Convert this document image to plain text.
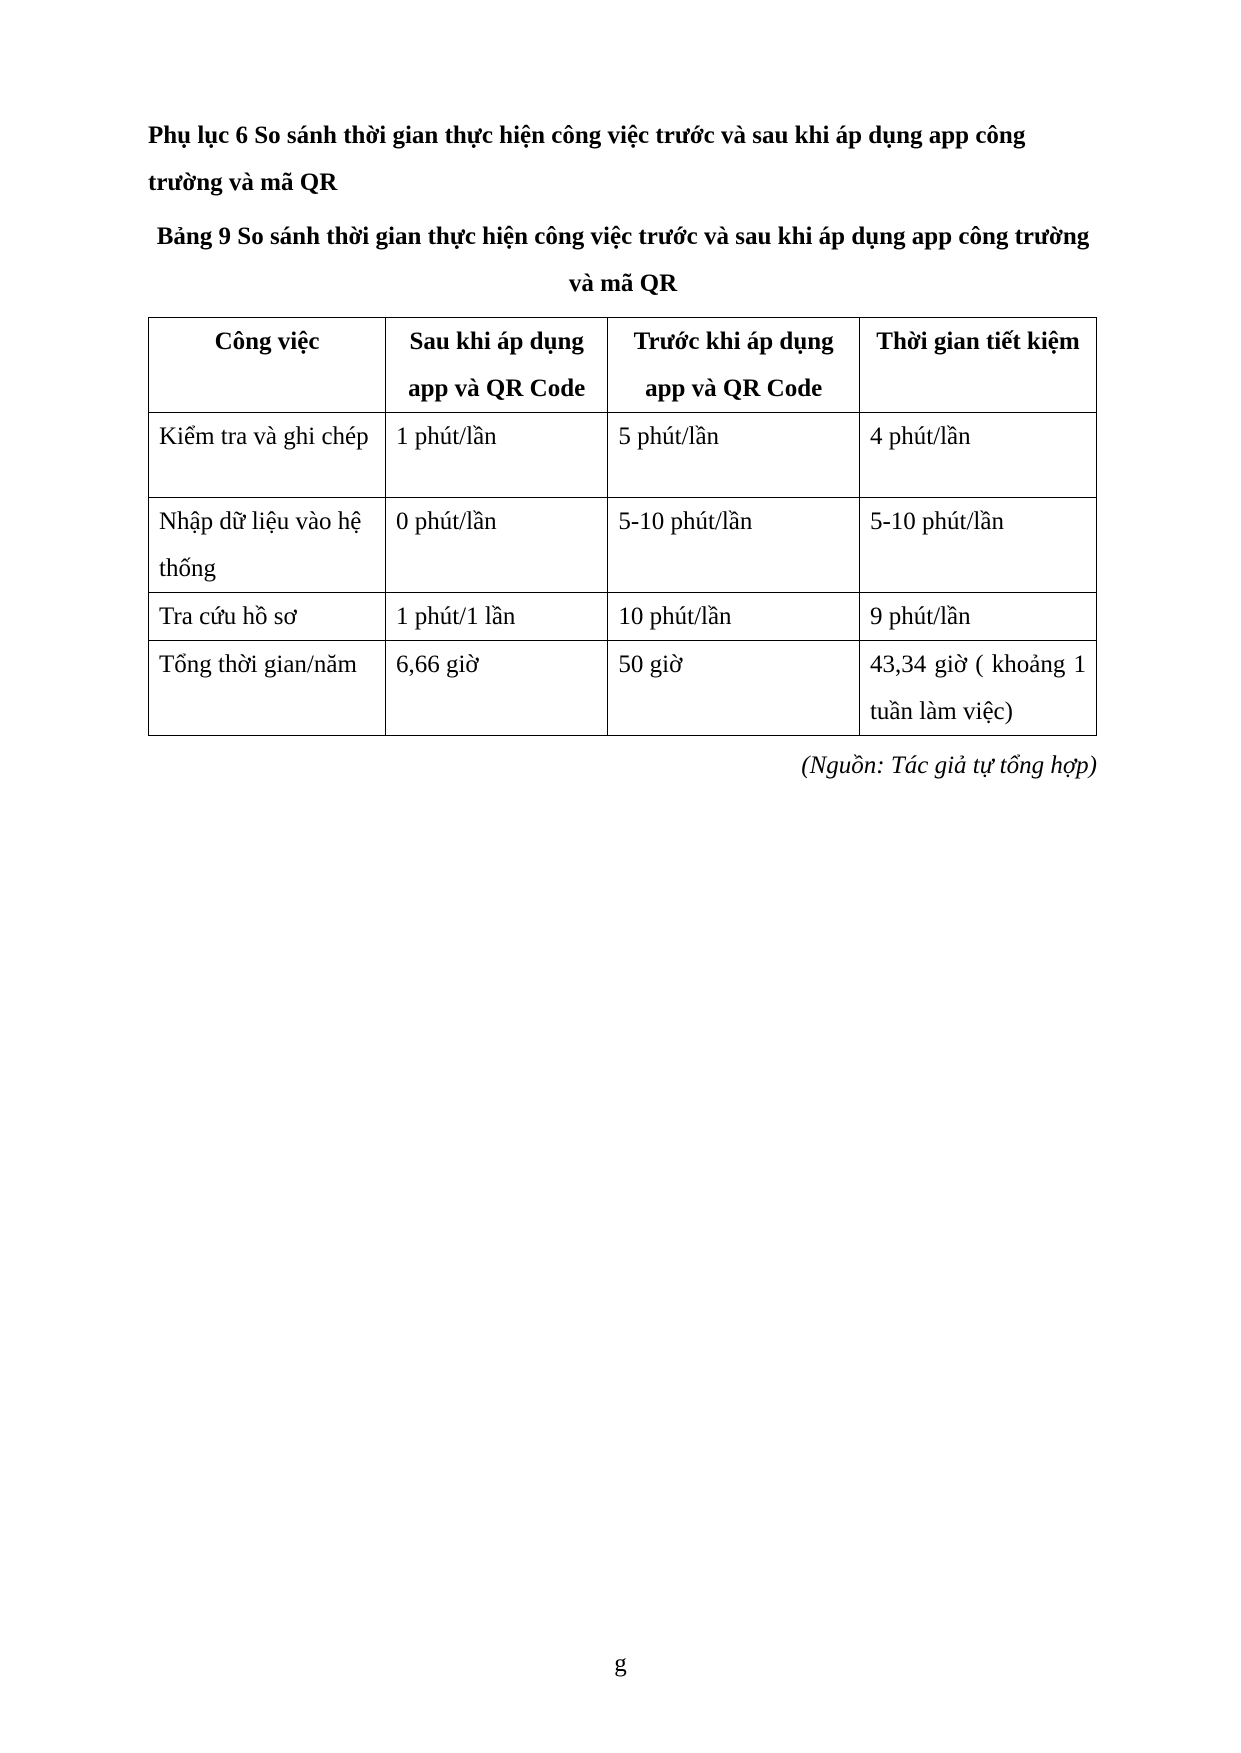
Phụ lục 6 So sánh thời gian thực hiện công việc trước và sau khi áp dụng app công trường và mã QR

Bảng 9 So sánh thời gian thực hiện công việc trước và sau khi áp dụng app công trường và mã QR

Công việc	Sau khi áp dụng app và QR Code	Trước khi áp dụng app và QR Code	Thời gian tiết kiệm
Kiểm tra và ghi chép	1 phút/lần	5 phút/lần	4 phút/lần
Nhập dữ liệu vào hệ thống	0 phút/lần	5-10 phút/lần	5-10 phút/lần
Tra cứu hồ sơ	1 phút/1 lần	10 phút/lần	9 phút/lần
Tổng thời gian/năm	6,66 giờ	50 giờ	43,34 giờ ( khoảng 1 tuần làm việc)

(Nguồn: Tác giả tự tổng hợp)

g
